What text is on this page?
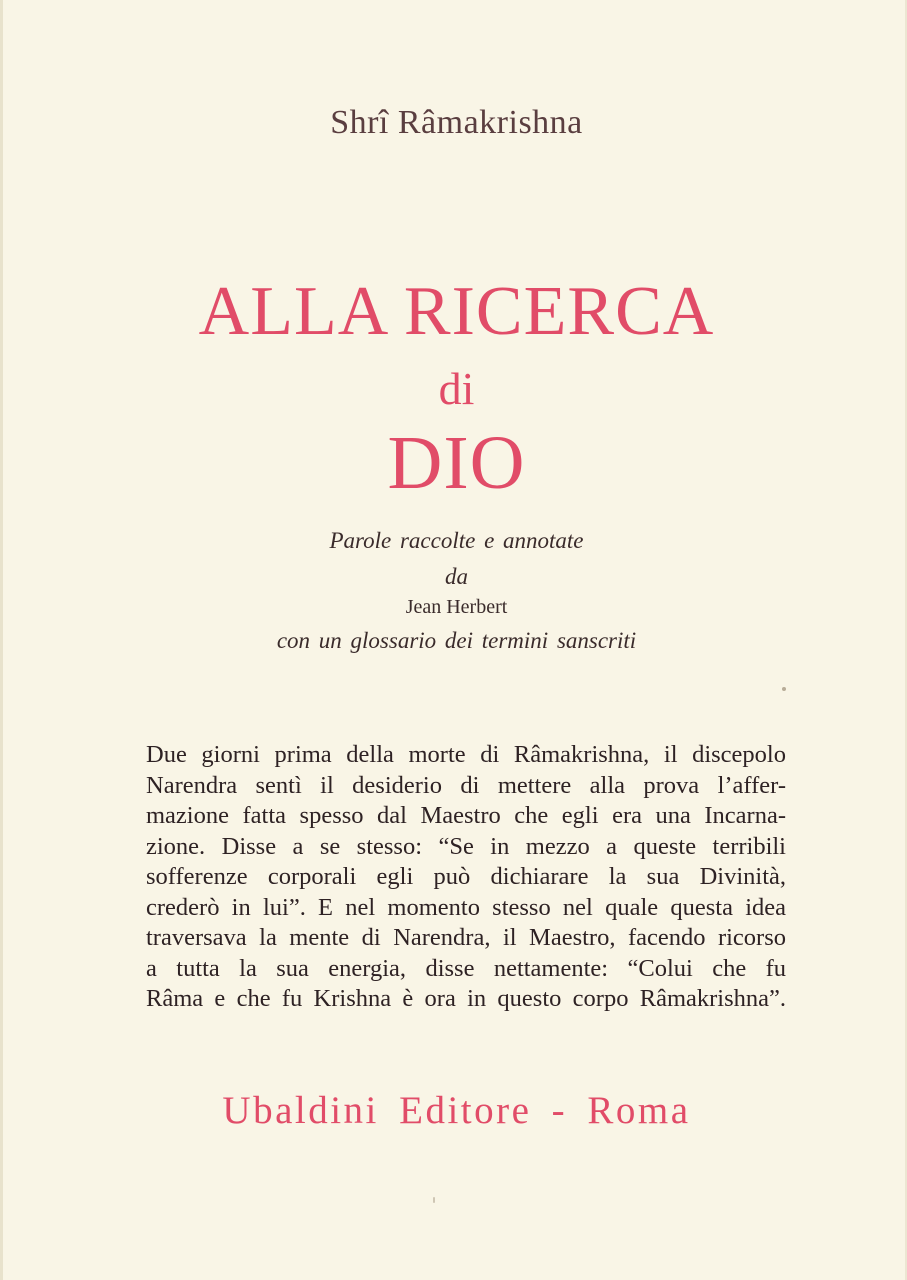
Shrî Râmakrishna
ALLA RICERCA
di
DIO
Parole raccolte e annotate
da
Jean Herbert
con un glossario dei termini sanscriti
Due giorni prima della morte di Râmakrishna, il discepolo
Narendra sentì il desiderio di mettere alla prova l’affer-
mazione fatta spesso dal Maestro che egli era una Incarna-
zione. Disse a se stesso: “Se in mezzo a queste terribili
sofferenze corporali egli può dichiarare la sua Divinità,
crederò in lui”. E nel momento stesso nel quale questa idea
traversava la mente di Narendra, il Maestro, facendo ricorso
a tutta la sua energia, disse nettamente: “Colui che fu
Râma e che fu Krishna è ora in questo corpo Râmakrishna”.
Ubaldini Editore - Roma
